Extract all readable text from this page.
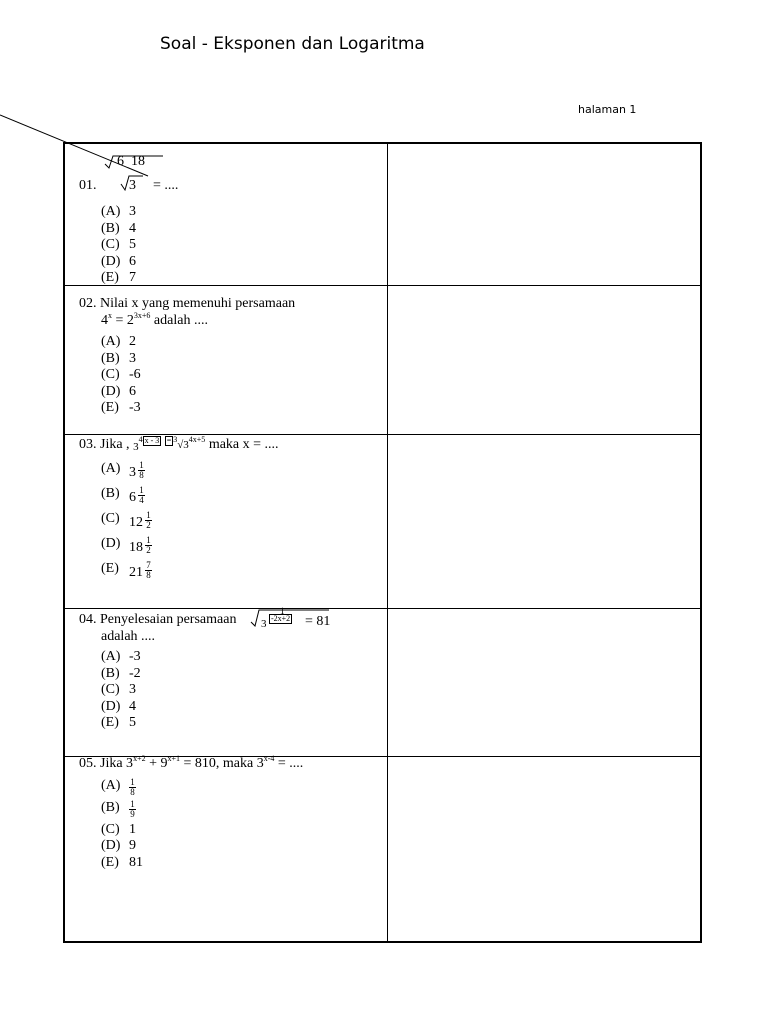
Soal - Eksponen dan Logaritma
halaman 1
01.
6 18
3 = ....
(A) 3
(B) 4
(C) 5
(D) 6
(E) 7
02. Nilai x yang memenuhi persamaan
$4^x = 2^{3x+6}$ adalah ....
(A) 2
(B) 3
(C) -6
(D) 6
(E) -3
03. Jika , $3^4$ $x - 3 = ^3√3^{4x+5}$ maka x = ....
(A) $3 \frac{1}{8}$
(B) $6 \frac{1}{4}$
(C) $12 \frac{1}{2}$
(D) $18 \frac{1}{2}$
(E) $21 \frac{7}{8}$
04. Penyelesaian persamaan
1
3 -2x+2 = 81
adalah ....
(A) -3
(B) -2
(C) 3
(D) 4
(E) 5
05. Jika $3^{x+2} + 9^{x+1} = 810$, maka $3^{x-4}$ = ....
$(A) \frac{1}{8}$
(B)	$\frac{1}{9}$
(C) 1
(D) 9
(E) 81
